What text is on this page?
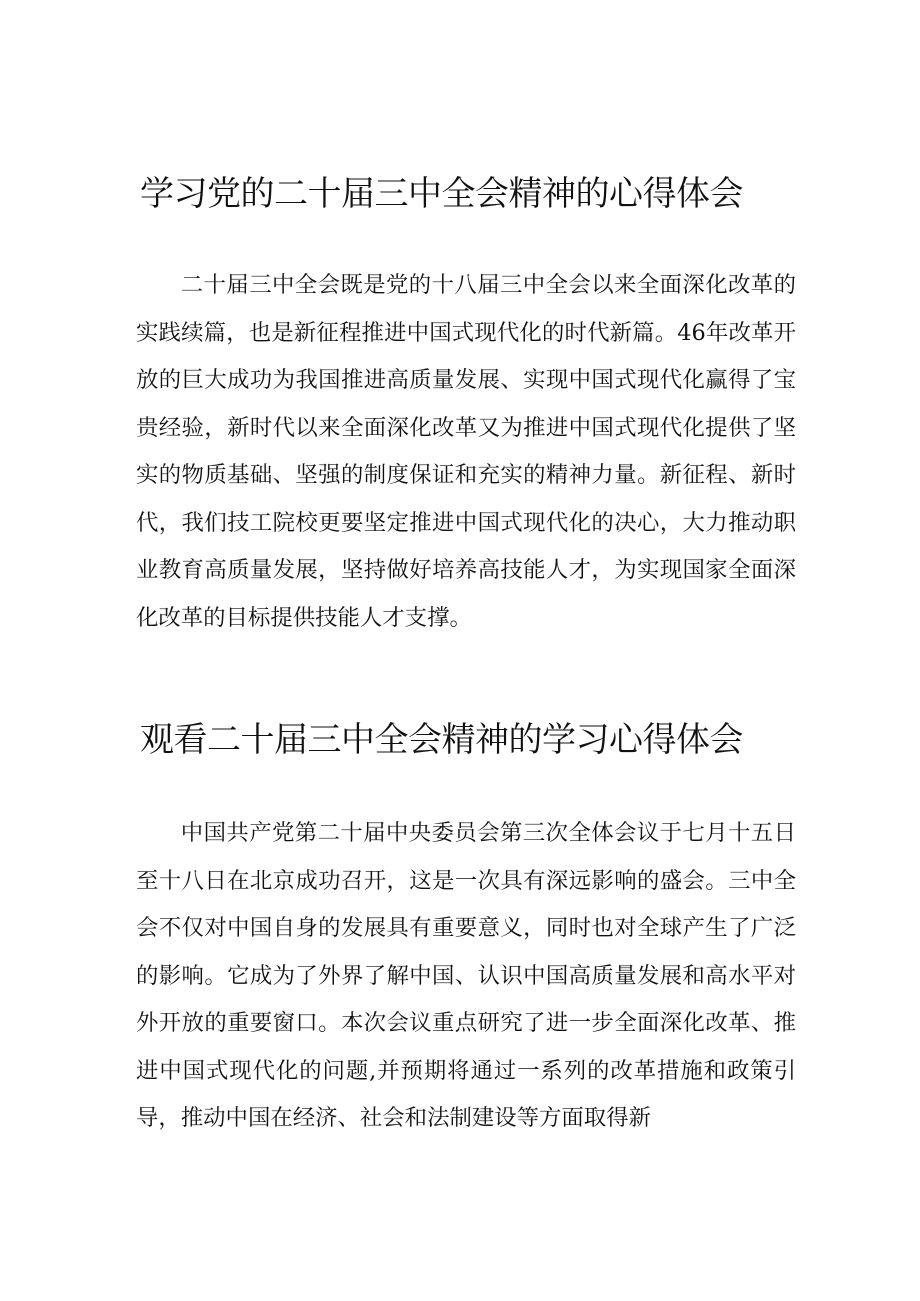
学习党的二十届三中全会精神的心得体会

二十届三中全会既是党的十八届三中全会以来全面深化改革的实践续篇，也是新征程推进中国式现代化的时代新篇。46年改革开放的巨大成功为我国推进高质量发展、实现中国式现代化赢得了宝贵经验，新时代以来全面深化改革又为推进中国式现代化提供了坚实的物质基础、坚强的制度保证和充实的精神力量。新征程、新时代，我们技工院校更要坚定推进中国式现代化的决心，大力推动职业教育高质量发展，坚持做好培养高技能人才，为实现国家全面深化改革的目标提供技能人才支撑。

观看二十届三中全会精神的学习心得体会

中国共产党第二十届中央委员会第三次全体会议于七月十五日至十八日在北京成功召开，这是一次具有深远影响的盛会。三中全会不仅对中国自身的发展具有重要意义，同时也对全球产生了广泛的影响。它成为了外界了解中国、认识中国高质量发展和高水平对外开放的重要窗口。本次会议重点研究了进一步全面深化改革、推进中国式现代化的问题,并预期将通过一系列的改革措施和政策引导，推动中国在经济、社会和法制建设等方面取得新
